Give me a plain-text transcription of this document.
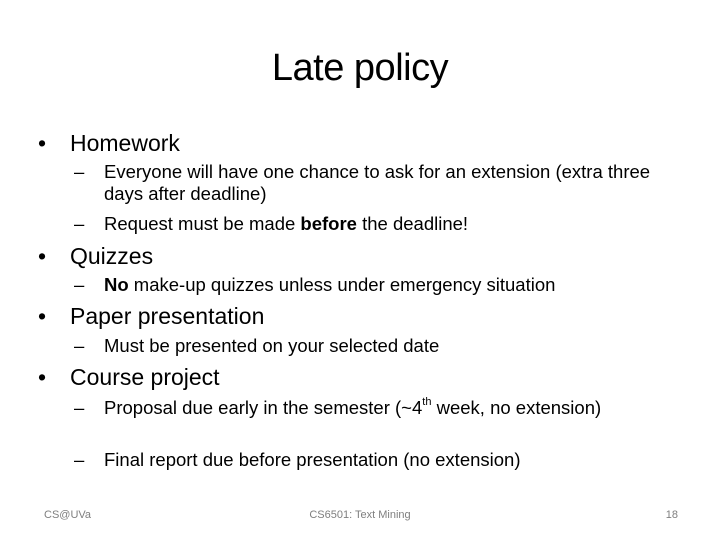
Late policy
• Homework
– Everyone will have one chance to ask for an extension (extra three days after deadline)
– Request must be made before the deadline!
• Quizzes
– No make-up quizzes unless under emergency situation
• Paper presentation
– Must be presented on your selected date
• Course project
– Proposal due early in the semester (~4th week, no extension)
– Final report due before presentation (no extension)
CS@UVa	CS6501: Text Mining	18
